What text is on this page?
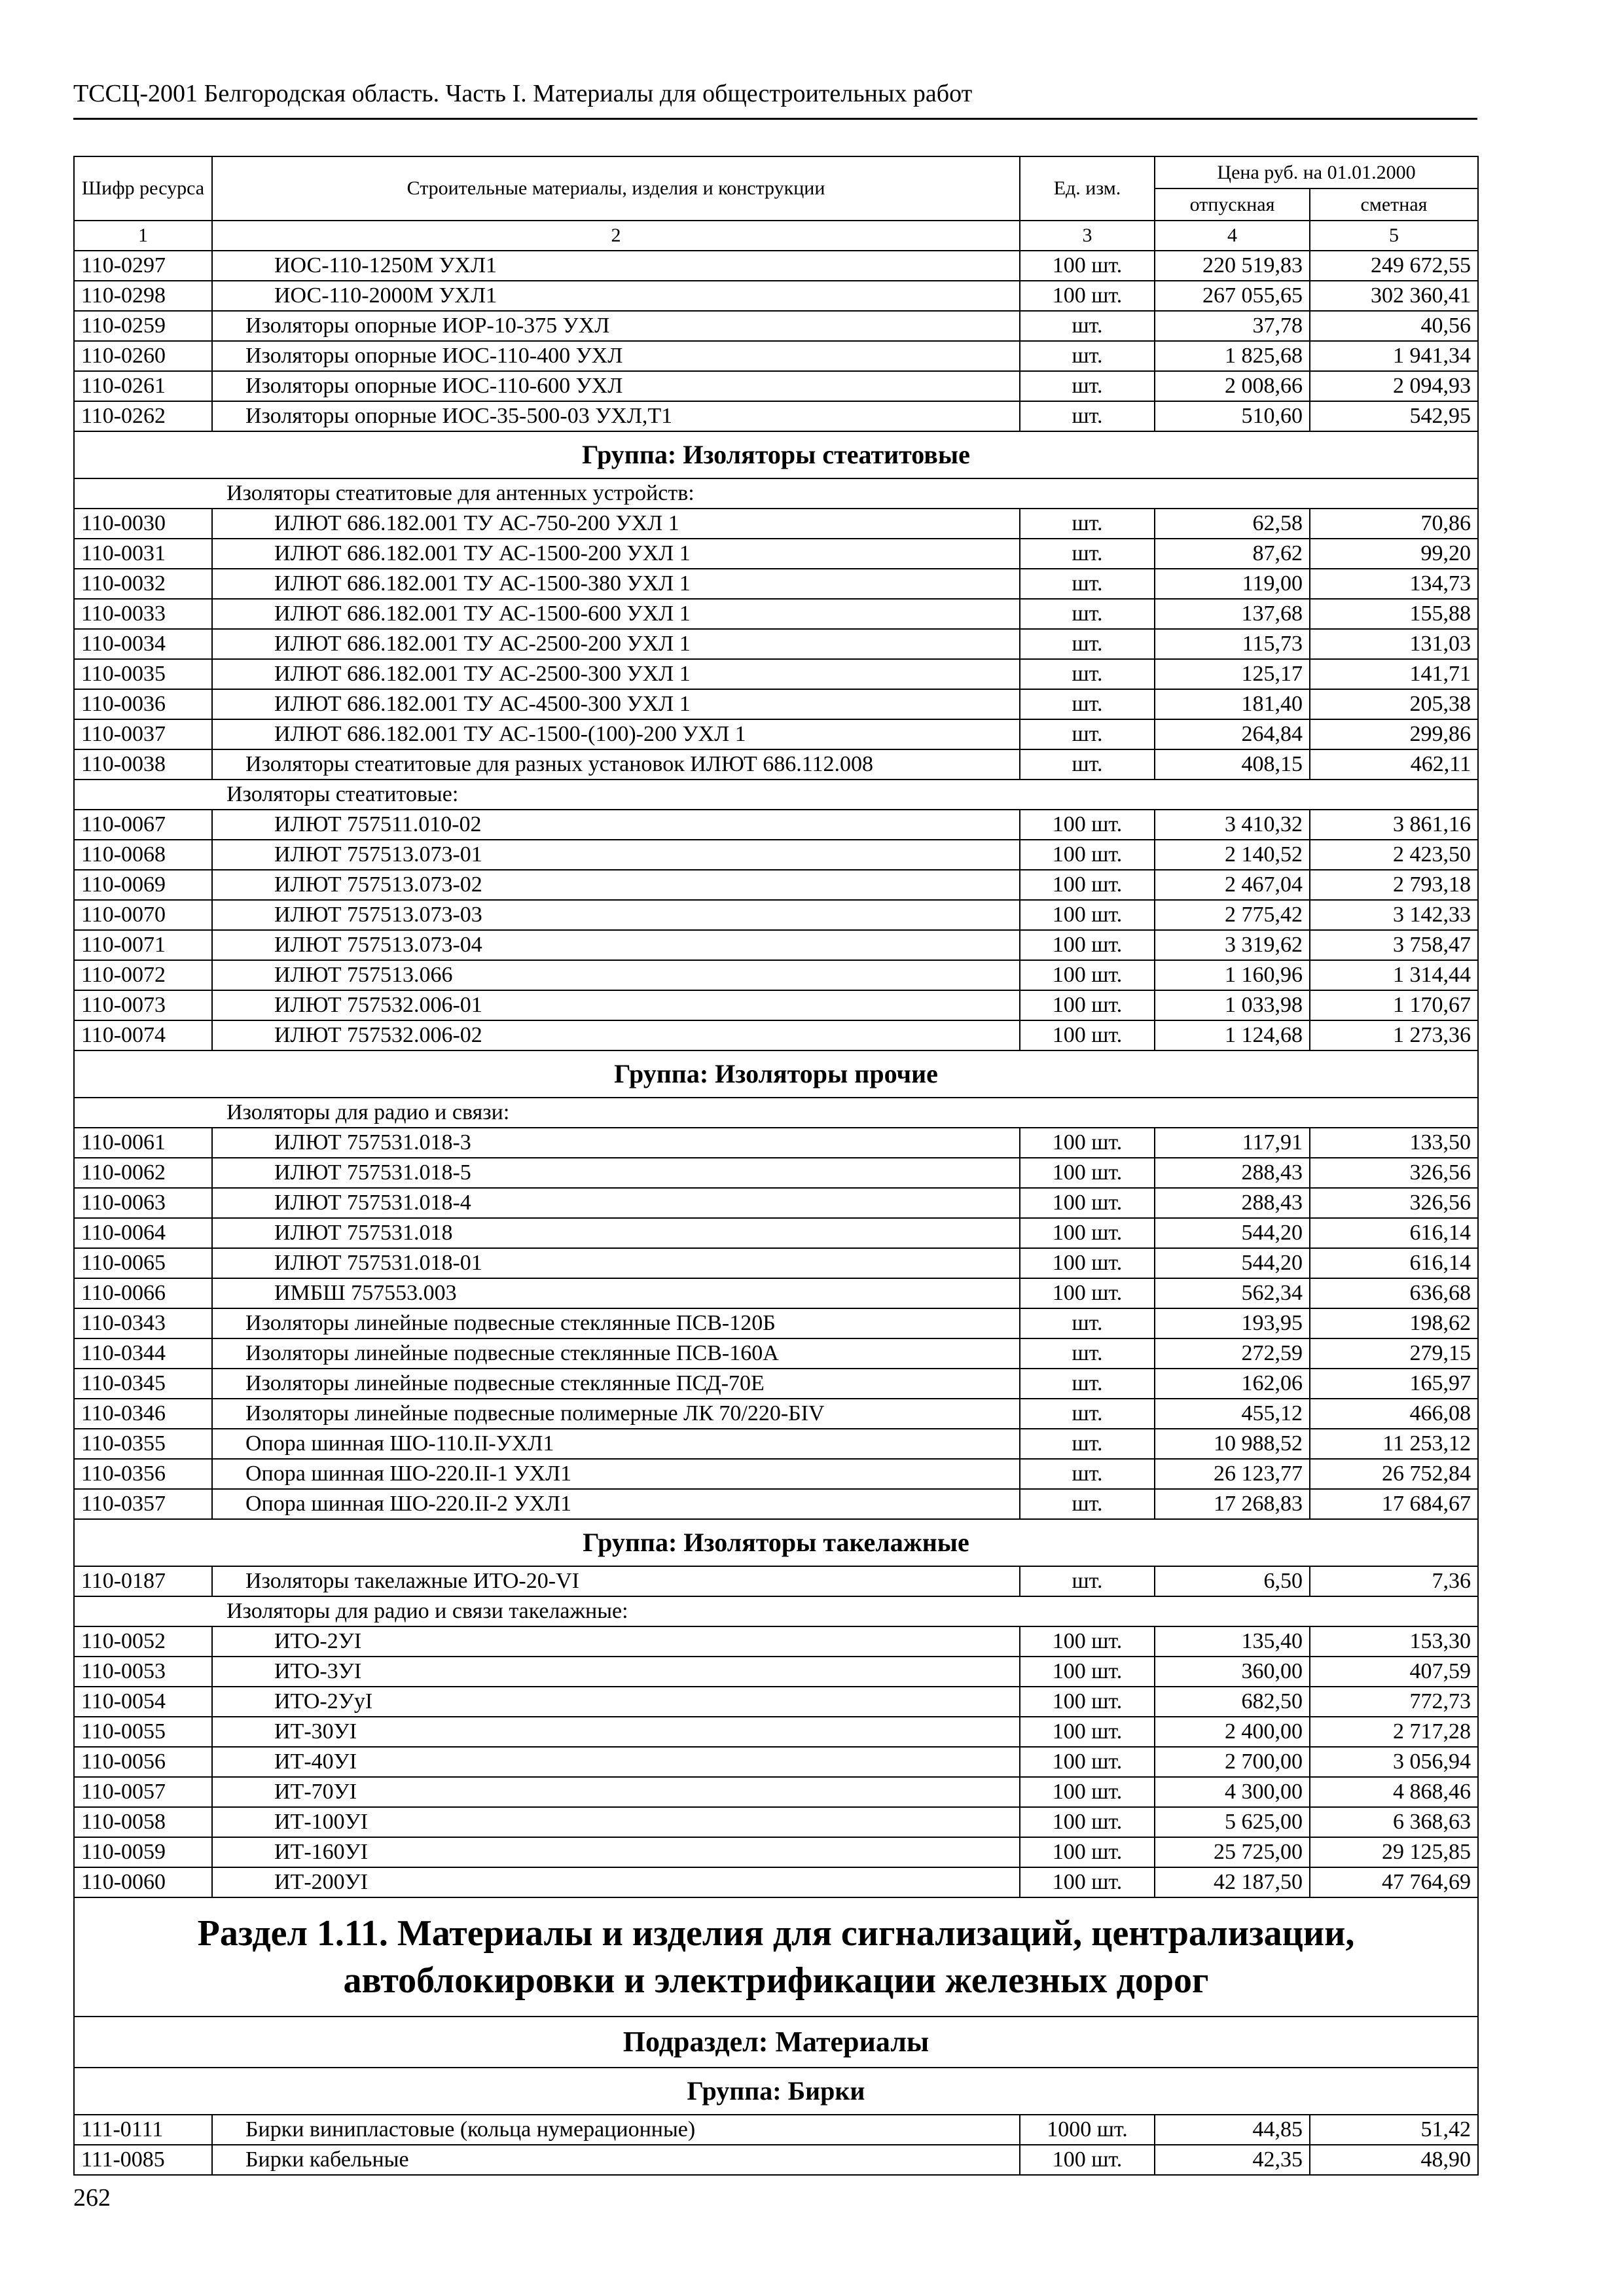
ТССЦ-2001 Белгородская область. Часть I. Материалы для общестроительных работ
Шифр ресурса	Строительные материалы, изделия и конструкции	Ед. изм.	Цена руб. на 01.01.2000	
			отпускная	сметная
1	2	3	4	5
110-0297	ИОС-110-1250М УХЛ1	100 шт.	220 519,83	249 672,55
110-0298	ИОС-110-2000М УХЛ1	100 шт.	267 055,65	302 360,41
110-0259	Изоляторы опорные ИОР-10-375 УХЛ	шт.	37,78	40,56
110-0260	Изоляторы опорные ИОС-110-400 УХЛ	шт.	1 825,68	1 941,34
110-0261	Изоляторы опорные ИОС-110-600 УХЛ	шт.	2 008,66	2 094,93
110-0262	Изоляторы опорные ИОС-35-500-03 УХЛ,Т1	шт.	510,60	542,95
Группа: Изоляторы стеатитовые				
Изоляторы стеатитовые для антенных устройств:				
110-0030	ИЛЮТ 686.182.001 ТУ АС-750-200 УХЛ 1	шт.	62,58	70,86
110-0031	ИЛЮТ 686.182.001 ТУ АС-1500-200 УХЛ 1	шт.	87,62	99,20
110-0032	ИЛЮТ 686.182.001 ТУ АС-1500-380 УХЛ 1	шт.	119,00	134,73
110-0033	ИЛЮТ 686.182.001 ТУ АС-1500-600 УХЛ 1	шт.	137,68	155,88
110-0034	ИЛЮТ 686.182.001 ТУ АС-2500-200 УХЛ 1	шт.	115,73	131,03
110-0035	ИЛЮТ 686.182.001 ТУ АС-2500-300 УХЛ 1	шт.	125,17	141,71
110-0036	ИЛЮТ 686.182.001 ТУ АС-4500-300 УХЛ 1	шт.	181,40	205,38
110-0037	ИЛЮТ 686.182.001 ТУ АС-1500-(100)-200 УХЛ 1	шт.	264,84	299,86
110-0038	Изоляторы стеатитовые для разных установок ИЛЮТ 686.112.008	шт.	408,15	462,11
Изоляторы стеатитовые:				
110-0067	ИЛЮТ 757511.010-02	100 шт.	3 410,32	3 861,16
110-0068	ИЛЮТ 757513.073-01	100 шт.	2 140,52	2 423,50
110-0069	ИЛЮТ 757513.073-02	100 шт.	2 467,04	2 793,18
110-0070	ИЛЮТ 757513.073-03	100 шт.	2 775,42	3 142,33
110-0071	ИЛЮТ 757513.073-04	100 шт.	3 319,62	3 758,47
110-0072	ИЛЮТ 757513.066	100 шт.	1 160,96	1 314,44
110-0073	ИЛЮТ 757532.006-01	100 шт.	1 033,98	1 170,67
110-0074	ИЛЮТ 757532.006-02	100 шт.	1 124,68	1 273,36
Группа: Изоляторы прочие				
Изоляторы для радио и связи:				
110-0061	ИЛЮТ 757531.018-3	100 шт.	117,91	133,50
110-0062	ИЛЮТ 757531.018-5	100 шт.	288,43	326,56
110-0063	ИЛЮТ 757531.018-4	100 шт.	288,43	326,56
110-0064	ИЛЮТ 757531.018	100 шт.	544,20	616,14
110-0065	ИЛЮТ 757531.018-01	100 шт.	544,20	616,14
110-0066	ИМБШ 757553.003	100 шт.	562,34	636,68
110-0343	Изоляторы линейные подвесные стеклянные ПСВ-120Б	шт.	193,95	198,62
110-0344	Изоляторы линейные подвесные стеклянные ПСВ-160А	шт.	272,59	279,15
110-0345	Изоляторы линейные подвесные стеклянные ПСД-70Е	шт.	162,06	165,97
110-0346	Изоляторы линейные подвесные полимерные ЛК 70/220-БIV	шт.	455,12	466,08
110-0355	Опора шинная ШО-110.II-УХЛ1	шт.	10 988,52	11 253,12
110-0356	Опора шинная ШО-220.II-1 УХЛ1	шт.	26 123,77	26 752,84
110-0357	Опора шинная ШО-220.II-2 УХЛ1	шт.	17 268,83	17 684,67
Группа: Изоляторы такелажные				
110-0187	Изоляторы такелажные ИТО-20-VI	шт.	6,50	7,36
Изоляторы для радио и связи такелажные:				
110-0052	ИТО-2УI	100 шт.	135,40	153,30
110-0053	ИТО-3УI	100 шт.	360,00	407,59
110-0054	ИТО-2УуI	100 шт.	682,50	772,73
110-0055	ИТ-30УI	100 шт.	2 400,00	2 717,28
110-0056	ИТ-40УI	100 шт.	2 700,00	3 056,94
110-0057	ИТ-70УI	100 шт.	4 300,00	4 868,46
110-0058	ИТ-100УI	100 шт.	5 625,00	6 368,63
110-0059	ИТ-160УI	100 шт.	25 725,00	29 125,85
110-0060	ИТ-200УI	100 шт.	42 187,50	47 764,69

Раздел 1.11. Материалы и изделия для сигнализаций, централизации,
автоблокировки и электрификации железных дорог				

Подраздел: Материалы				
Группа: Бирки				
111-0111	Бирки винипластовые (кольца нумерационные)	1000 шт.	44,85	51,42
111-0085	Бирки кабельные	100 шт.	42,35	48,90
262
